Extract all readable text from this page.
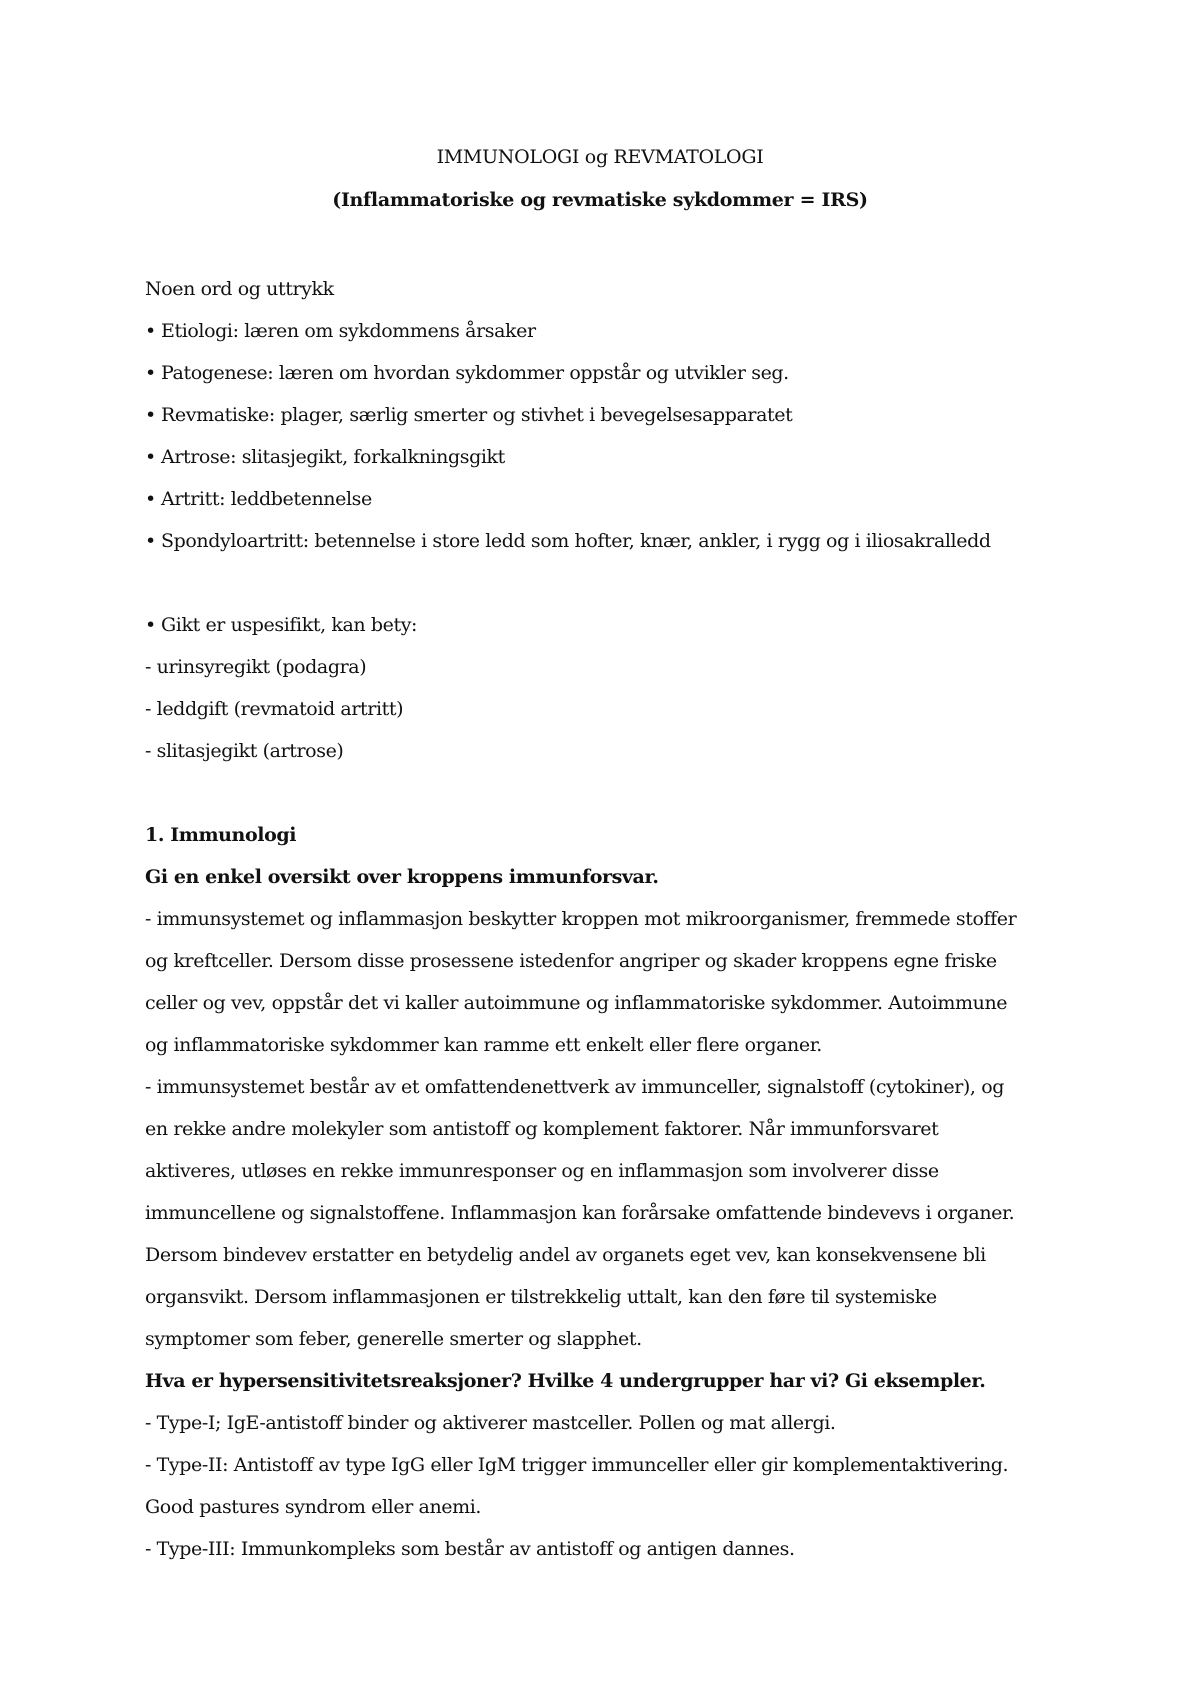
IMMUNOLOGI og REVMATOLOGI
(Inflammatoriske og revmatiske sykdommer = IRS)
Noen ord og uttrykk
• Etiologi: læren om sykdommens årsaker
• Patogenese: læren om hvordan sykdommer oppstår og utvikler seg.
• Revmatiske: plager, særlig smerter og stivhet i bevegelsesapparatet
• Artrose: slitasjegikt, forkalkningsgikt
• Artritt: leddbetennelse
• Spondyloartritt: betennelse i store ledd som hofter, knær, ankler, i rygg og i iliosakralledd
• Gikt er uspesifikt, kan bety:
- urinsyregikt (podagra)
- leddgift (revmatoid artritt)
- slitasjegikt (artrose)
1. Immunologi
Gi en enkel oversikt over kroppens immunforsvar.
- immunsystemet og inflammasjon beskytter kroppen mot mikroorganismer, fremmede stoffer
og kreftceller. Dersom disse prosessene istedenfor angriper og skader kroppens egne friske
celler og vev, oppstår det vi kaller autoimmune og inflammatoriske sykdommer. Autoimmune
og inflammatoriske sykdommer kan ramme ett enkelt eller flere organer.
- immunsystemet består av et omfattendenettverk av immunceller, signalstoff (cytokiner), og
en rekke andre molekyler som antistoff og komplement faktorer. Når immunforsvaret
aktiveres, utløses en rekke immunresponser og en inflammasjon som involverer disse
immuncellene og signalstoffene. Inflammasjon kan forårsake omfattende bindevevs i organer.
Dersom bindevev erstatter en betydelig andel av organets eget vev, kan konsekvensene bli
organsvikt. Dersom inflammasjonen er tilstrekkelig uttalt, kan den føre til systemiske
symptomer som feber, generelle smerter og slapphet.
Hva er hypersensitivitetsreaksjoner? Hvilke 4 undergrupper har vi? Gi eksempler.
- Type-I; IgE-antistoff binder og aktiverer mastceller. Pollen og mat allergi.
- Type-II: Antistoff av type IgG eller IgM trigger immunceller eller gir komplementaktivering.
Good pastures syndrom eller anemi.
- Type-III: Immunkompleks som består av antistoff og antigen dannes.
